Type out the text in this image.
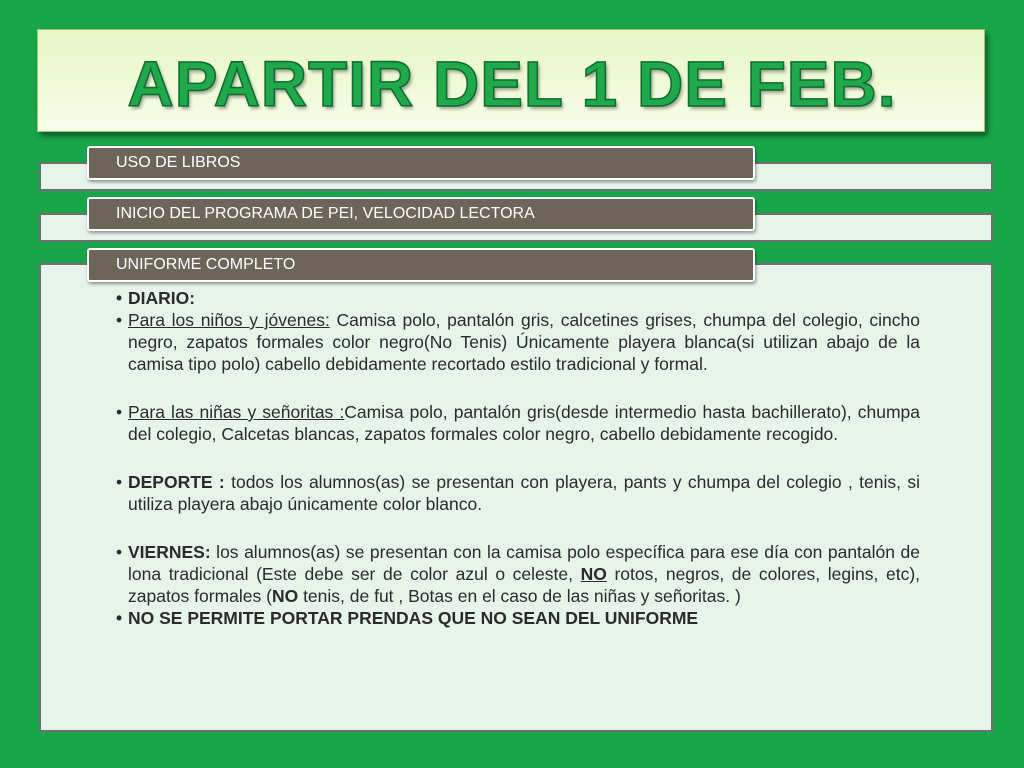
APARTIR DEL 1 DE FEB.
USO DE LIBROS
INICIO DEL PROGRAMA DE PEI, VELOCIDAD LECTORA
UNIFORME COMPLETO
• DIARIO:
• Para los niños y jóvenes: Camisa polo, pantalón gris, calcetines grises, chumpa del colegio, cincho negro, zapatos formales color negro(No Tenis) Únicamente playera blanca(si utilizan abajo de la camisa tipo polo) cabello debidamente recortado estilo tradicional y formal.
• Para las niñas y señoritas :Camisa polo, pantalón gris(desde intermedio hasta bachillerato), chumpa del colegio, Calcetas blancas, zapatos formales color negro, cabello debidamente recogido.
• DEPORTE : todos los alumnos(as) se presentan con playera, pants y chumpa del colegio , tenis, si utiliza playera abajo únicamente color blanco.
• VIERNES: los alumnos(as) se presentan con la camisa polo específica para ese día con pantalón de lona tradicional (Este debe ser de color azul o celeste, NO rotos, negros, de colores, legins, etc), zapatos formales (NO tenis, de fut , Botas en el caso de las niñas y señoritas. )
• NO SE PERMITE PORTAR PRENDAS QUE NO SEAN DEL UNIFORME
